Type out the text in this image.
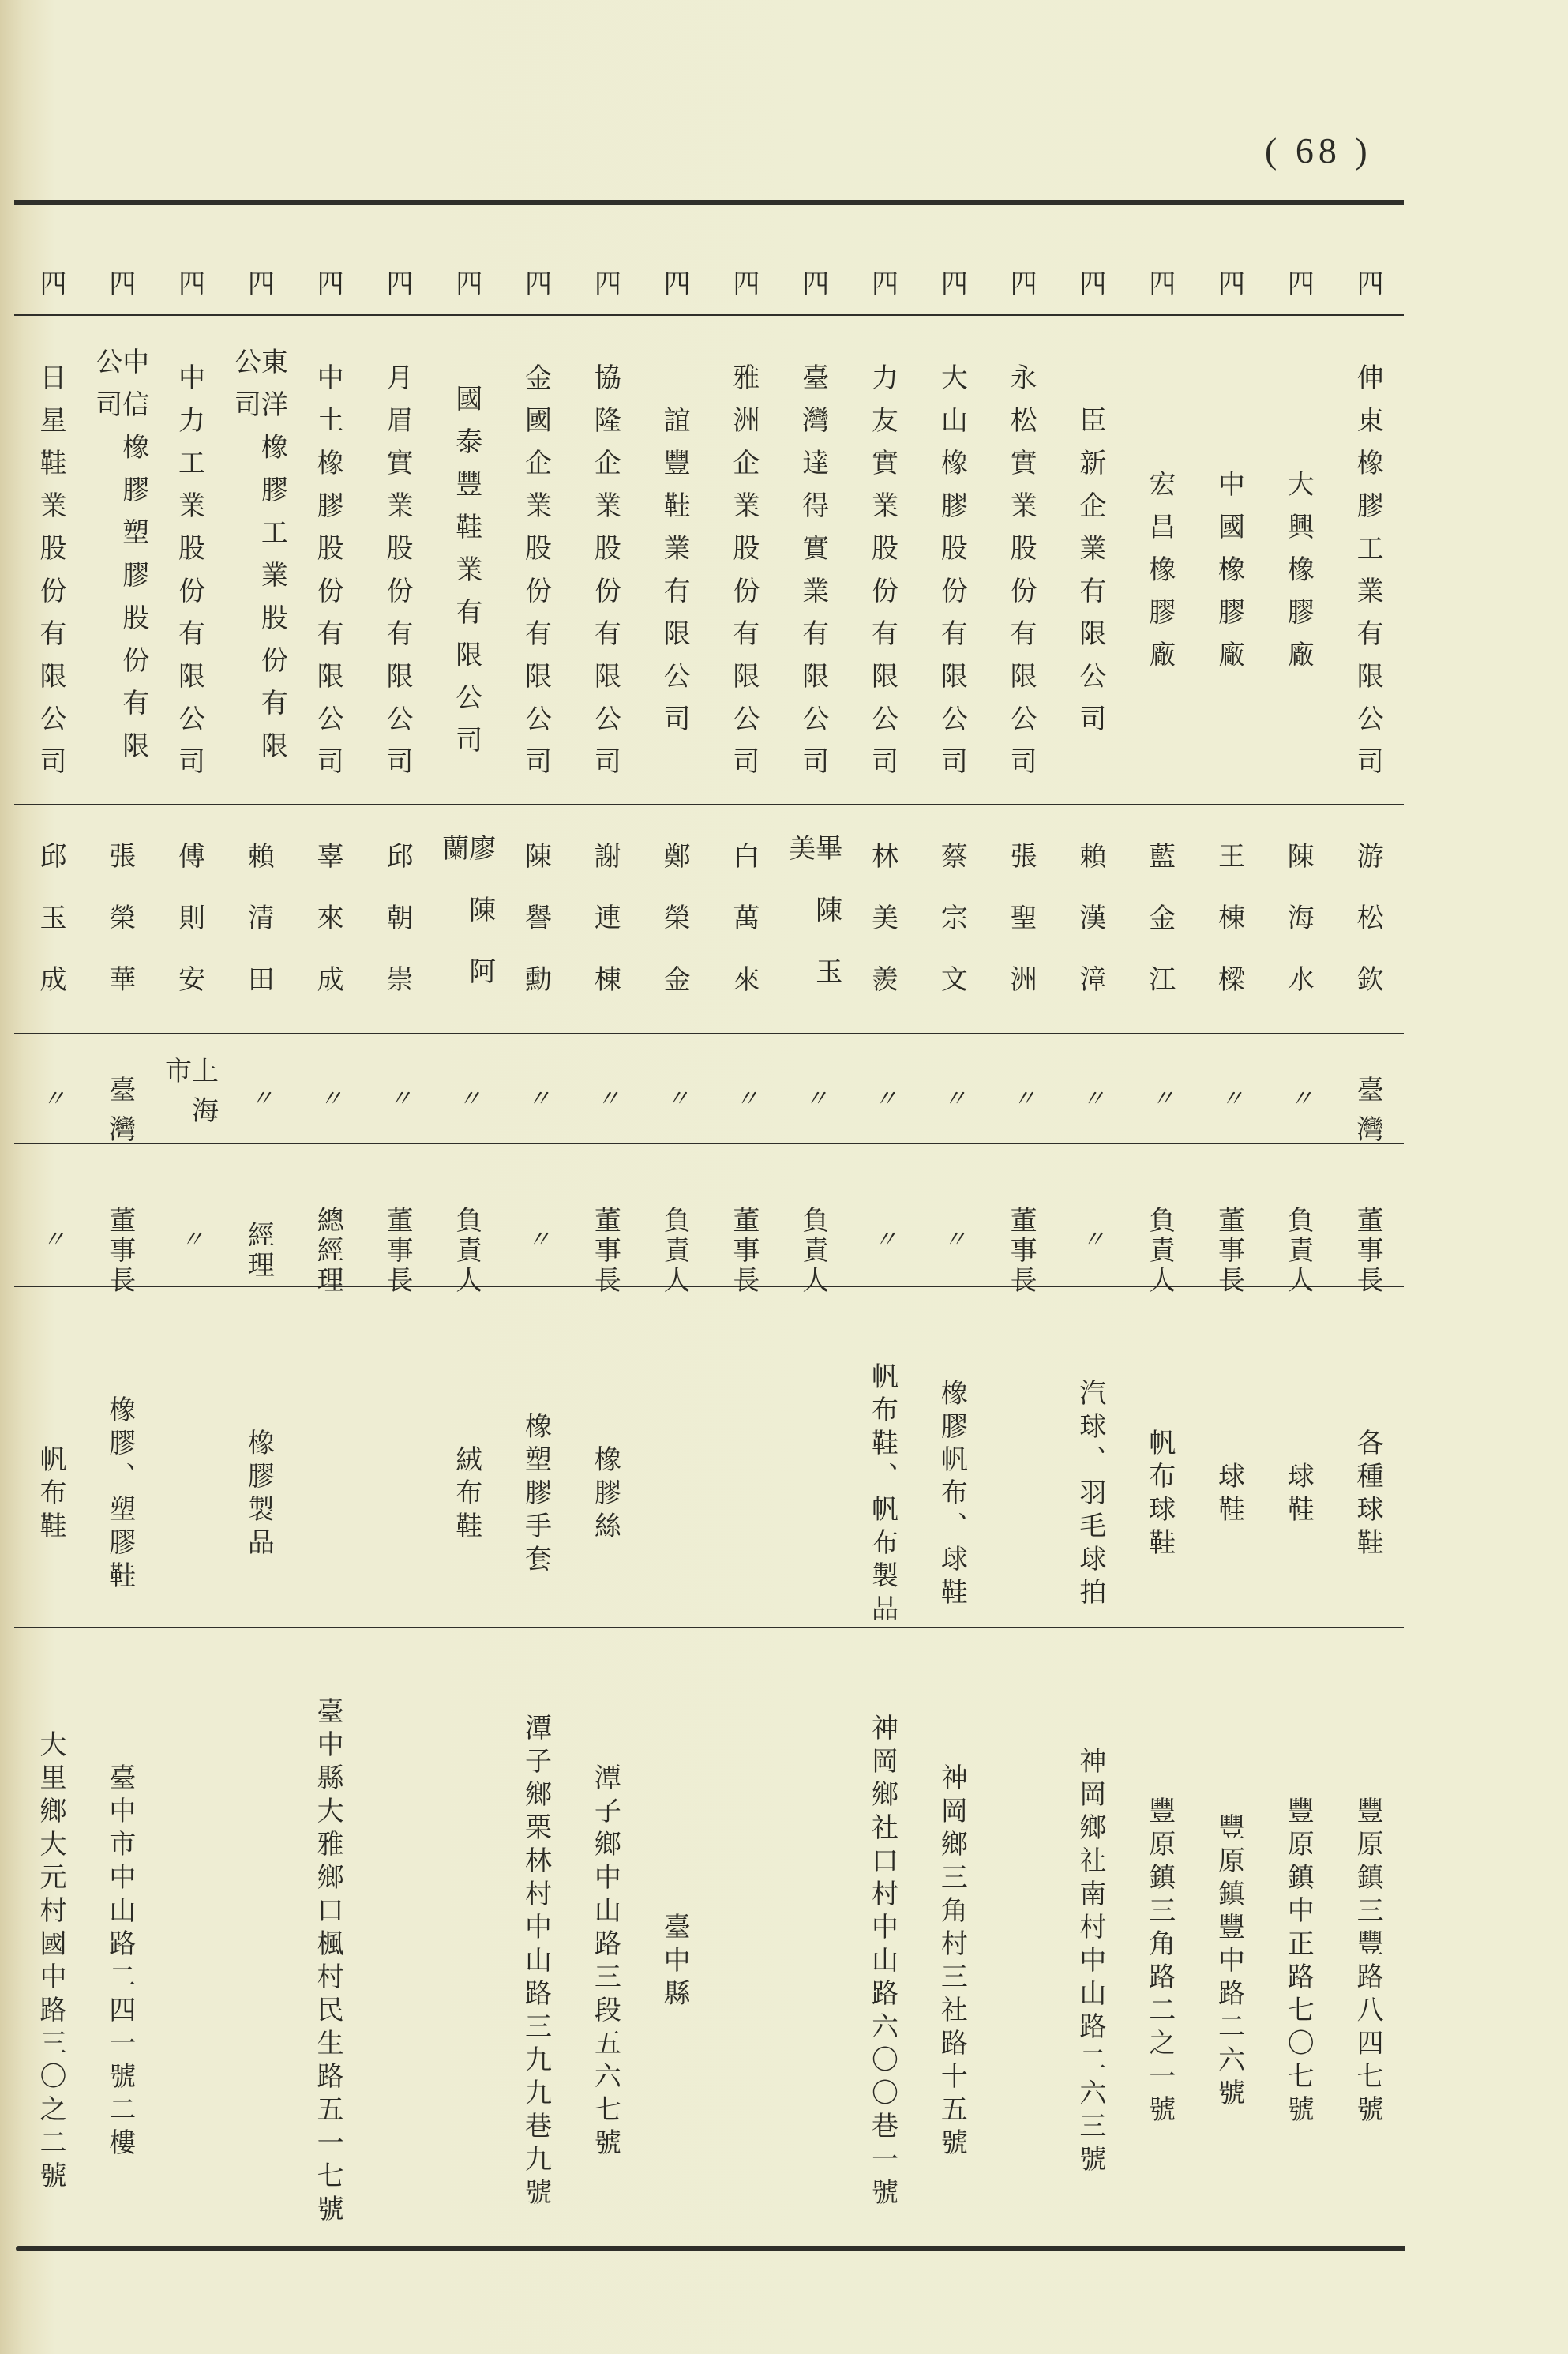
( 68 )
四
伸東橡膠工業有限公司
游松欽
臺灣
董事長
各種球鞋
豐原鎮三豐路八四七號
四
大興橡膠廠
陳海水
〃
負責人
球鞋
豐原鎮中正路七〇七號
四
中國橡膠廠
王棟樑
〃
董事長
球鞋
豐原鎮豐中路二六號
四
宏昌橡膠廠
藍金江
〃
負責人
帆布球鞋
豐原鎮三角路二之一號
四
臣新企業有限公司
賴漢漳
〃
〃
汽球、羽毛球拍
神岡鄉社南村中山路二六三號
四
永松實業股份有限公司
張聖洲
〃
董事長
四
大山橡膠股份有限公司
蔡宗文
〃
〃
橡膠帆布、球鞋
神岡鄉三角村三社路十五號
四
力友實業股份有限公司
林美羨
〃
〃
帆布鞋、帆布製品
神岡鄉社口村中山路六〇〇巷一號
四
臺灣達得實業有限公司
畢陳玉美
〃
負責人
四
雅洲企業股份有限公司
白萬來
〃
董事長
四
誼豐鞋業有限公司
鄭榮金
〃
負責人
臺中縣
四
協隆企業股份有限公司
謝連棟
〃
董事長
橡膠絲
潭子鄉中山路三段五六七號
四
金國企業股份有限公司
陳譽勳
〃
〃
橡塑膠手套
潭子鄉栗林村中山路三九九巷九號
四
國泰豐鞋業有限公司
廖陳阿蘭
〃
負責人
絨布鞋
四
月眉實業股份有限公司
邱朝崇
〃
董事長
四
中土橡膠股份有限公司
辜來成
〃
總經理
臺中縣大雅鄉口楓村民生路五一七號
四
東洋橡膠工業股份有限公司
賴清田
〃
經理
橡膠製品
四
中力工業股份有限公司
傅則安
上海市
〃
四
中信橡膠塑膠股份有限公司
張榮華
臺灣
董事長
橡膠、塑膠鞋
臺中市中山路二四一號二樓
四
日星鞋業股份有限公司
邱玉成
〃
〃
帆布鞋
大里鄉大元村國中路三〇之二號
